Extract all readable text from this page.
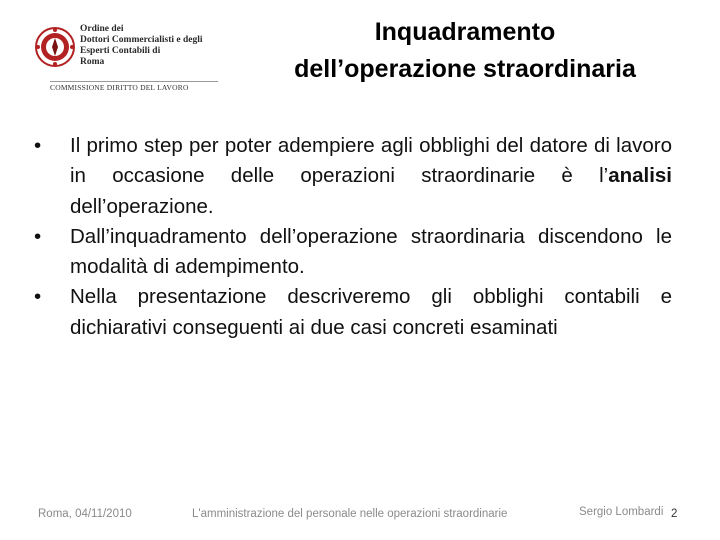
Ordine dei
Dottori Commercialisti e degli
Esperti Contabili di
Roma
COMMISSIONE DIRITTO DEL LAVORO
Inquadramento
dell’operazione straordinaria
•	Il primo step per poter adempiere agli obblighi del datore di lavoro in occasione delle operazioni straordinarie è l’analisi dell’operazione.
•	Dall’inquadramento dell’operazione straordinaria discendono le modalità di adempimento.
•	Nella presentazione descriveremo gli obblighi contabili e dichiarativi conseguenti ai due casi concreti esaminati
Roma, 04/11/2010	L'amministrazione del personale nelle operazioni straordinarie	Sergio Lombardi 2
